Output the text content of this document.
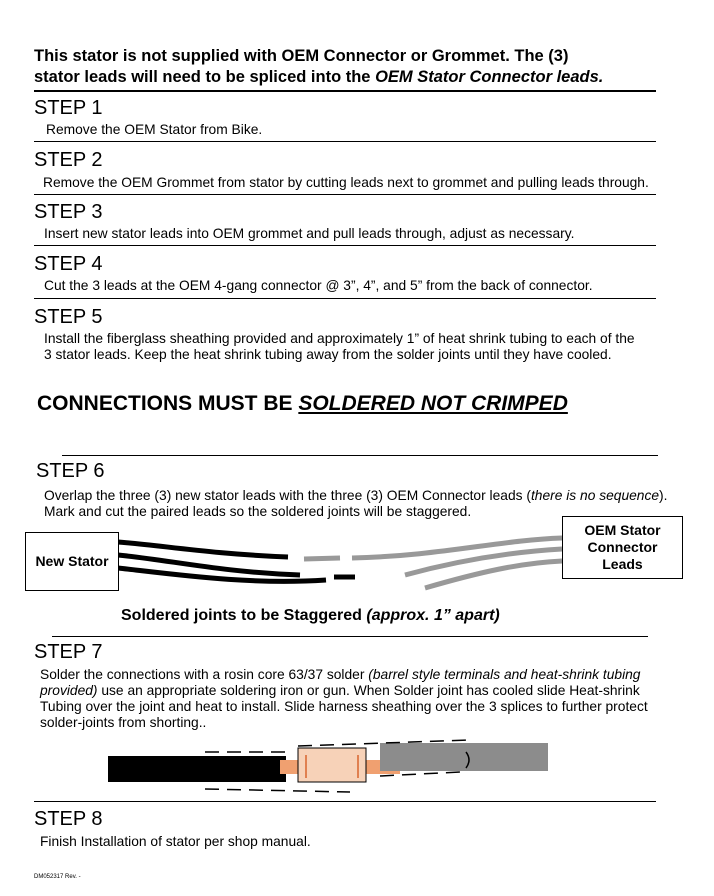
This stator is not supplied with OEM Connector or Grommet. The (3)
stator leads will need to be spliced into the OEM Stator Connector leads.
STEP 1
Remove the OEM Stator from Bike.
STEP 2
Remove the OEM Grommet from stator by cutting leads next to grommet and pulling leads through.
STEP 3
Insert new stator leads into OEM grommet and pull leads through, adjust as necessary.
STEP 4
Cut the 3 leads at the OEM 4-gang connector @ 3”, 4”, and 5” from the back of connector.
STEP 5
Install the fiberglass sheathing provided and approximately 1” of heat shrink tubing to each of the
3 stator leads. Keep the heat shrink tubing away from the solder joints until they have cooled.
CONNECTIONS MUST BE SOLDERED NOT CRIMPED
STEP 6
Overlap the three (3) new stator leads with the three (3) OEM Connector leads (there is no sequence).
Mark and cut the paired leads so the soldered joints will be staggered.
New Stator
OEM Stator
Connector
Leads
Soldered joints to be Staggered (approx. 1” apart)
STEP 7
Solder the connections with a rosin core 63/37 solder (barrel style terminals and heat-shrink tubing
provided) use an appropriate soldering iron or gun. When Solder joint has cooled slide Heat-shrink
Tubing over the joint and heat to install. Slide harness sheathing over the 3 splices to further protect
solder-joints from shorting..
STEP 8
Finish Installation of stator per shop manual.
DM052317 Rev. -
